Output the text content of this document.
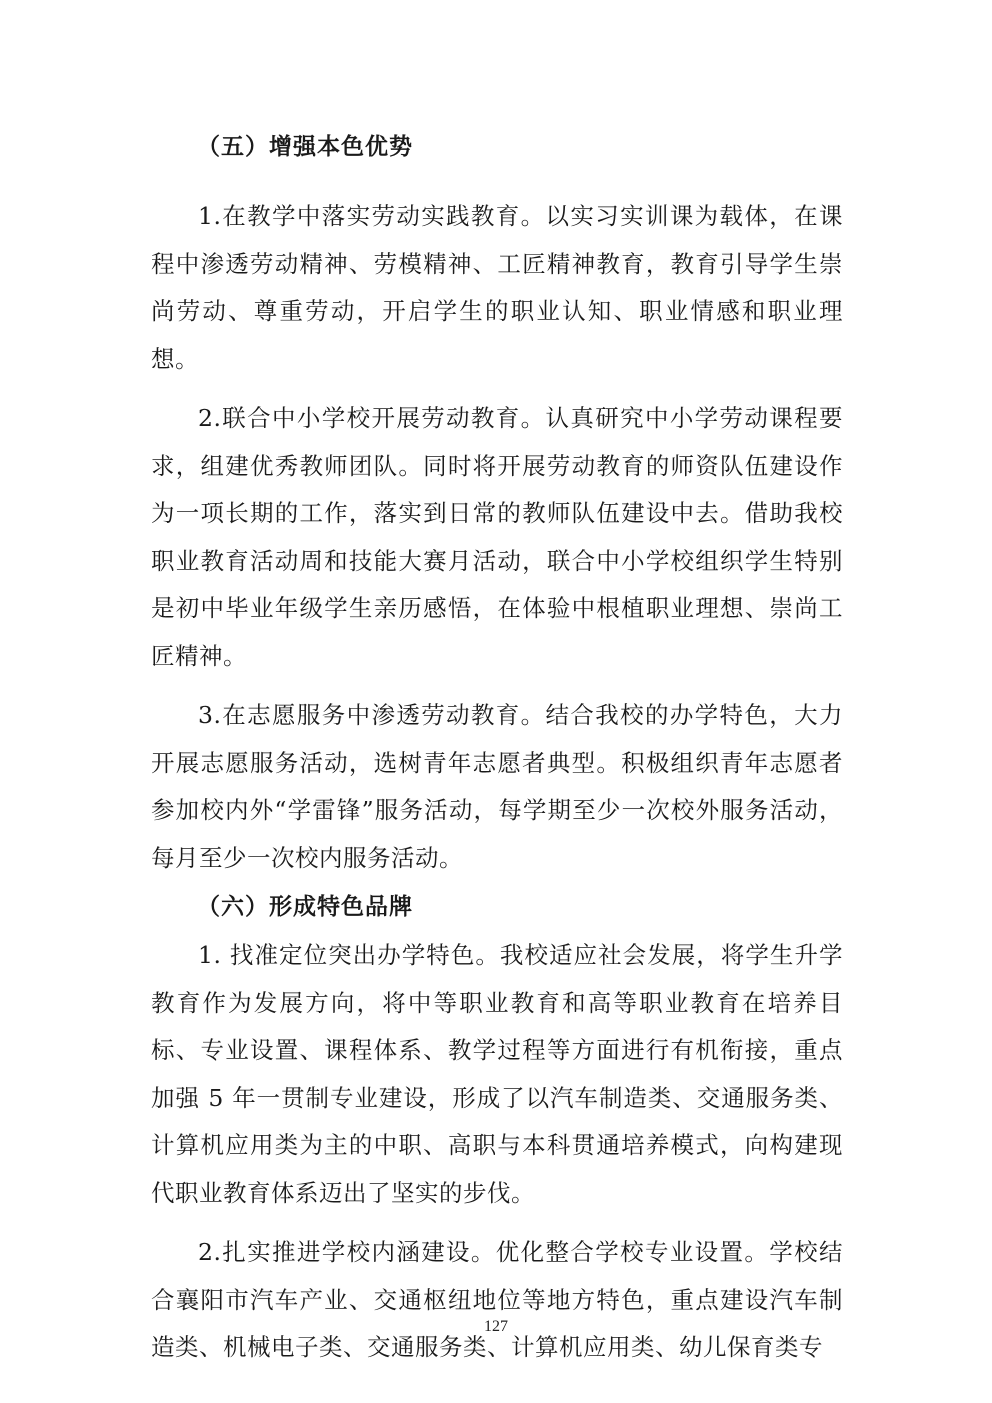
（五）增强本色优势

1.在教学中落实劳动实践教育。以实习实训课为载体，在课程中渗透劳动精神、劳模精神、工匠精神教育，教育引导学生崇尚劳动、尊重劳动，开启学生的职业认知、职业情感和职业理想。

2.联合中小学校开展劳动教育。认真研究中小学劳动课程要求，组建优秀教师团队。同时将开展劳动教育的师资队伍建设作为一项长期的工作，落实到日常的教师队伍建设中去。借助我校职业教育活动周和技能大赛月活动，联合中小学校组织学生特别是初中毕业年级学生亲历感悟，在体验中根植职业理想、崇尚工匠精神。

3.在志愿服务中渗透劳动教育。结合我校的办学特色，大力开展志愿服务活动，选树青年志愿者典型。积极组织青年志愿者参加校内外“学雷锋”服务活动，每学期至少一次校外服务活动，每月至少一次校内服务活动。

（六）形成特色品牌

1. 找准定位突出办学特色。我校适应社会发展，将学生升学教育作为发展方向，将中等职业教育和高等职业教育在培养目标、专业设置、课程体系、教学过程等方面进行有机衔接，重点加强 5 年一贯制专业建设，形成了以汽车制造类、交通服务类、计算机应用类为主的中职、高职与本科贯通培养模式，向构建现代职业教育体系迈出了坚实的步伐。

2.扎实推进学校内涵建设。优化整合学校专业设置。学校结合襄阳市汽车产业、交通枢纽地位等地方特色，重点建设汽车制造类、机械电子类、交通服务类、计算机应用类、幼儿保育类专

127
